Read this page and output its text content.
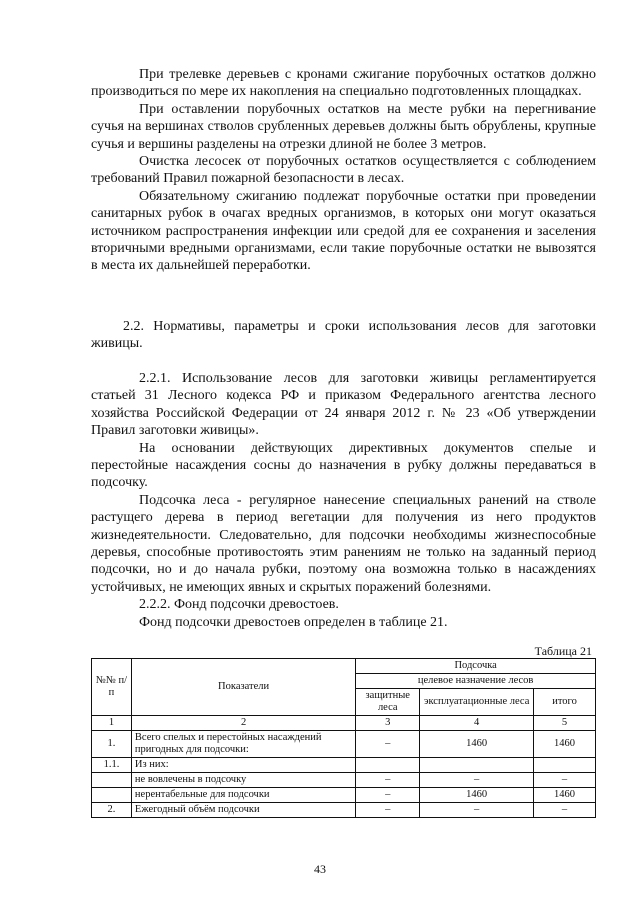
При трелевке деревьев с кронами сжигание порубочных остатков должно производиться по мере их накопления на специально подготовленных площадках.

При оставлении порубочных остатков на месте рубки на перегнивание сучья на вершинах стволов срубленных деревьев должны быть обрублены, крупные сучья и вершины разделены на отрезки длиной не более 3 метров.

Очистка лесосек от порубочных остатков осуществляется с соблюдением требований Правил пожарной безопасности в лесах.

Обязательному сжиганию подлежат порубочные остатки при проведении санитарных рубок в очагах вредных организмов, в которых они могут оказаться источником распространения инфекции или средой для ее сохранения и заселения вторичными вредными организмами, если такие порубочные остатки не вывозятся в места их дальнейшей переработки.

2.2. Нормативы, параметры и сроки использования лесов для заготовки живицы.

2.2.1. Использование лесов для заготовки живицы регламентируется статьей 31 Лесного кодекса РФ и приказом Федерального агентства лесного хозяйства Российской Федерации от 24 января 2012 г. № 23 «Об утверждении Правил заготовки живицы».

На основании действующих директивных документов спелые и перестойные насаждения сосны до назначения в рубку должны передаваться в подсочку.

Подсочка леса - регулярное нанесение специальных ранений на стволе растущего дерева в период вегетации для получения из него продуктов жизнедеятельности. Следовательно, для подсочки необходимы жизнеспособные деревья, способные противостоять этим ранениям не только на заданный период подсочки, но и до начала рубки, поэтому она возможна только в насаждениях устойчивых, не имеющих явных и скрытых поражений болезнями.

2.2.2. Фонд подсочки древостоев.

Фонд подсочки древостоев определен в таблице 21.

Таблица 21
№№ п/п	Показатели	Подсочка		
		целевое назначение лесов		
		защитные леса	эксплуатационные леса	итого
1	2	3	4	5
1.	Всего спелых и перестойных насаждений пригодных для подсочки:	–	1460	1460
1.1.	Из них:			
	не вовлечены в подсочку	–	–	–
	нерентабельные для подсочки	–	1460	1460
2.	Ежегодный объём подсочки	–	–	–
43
